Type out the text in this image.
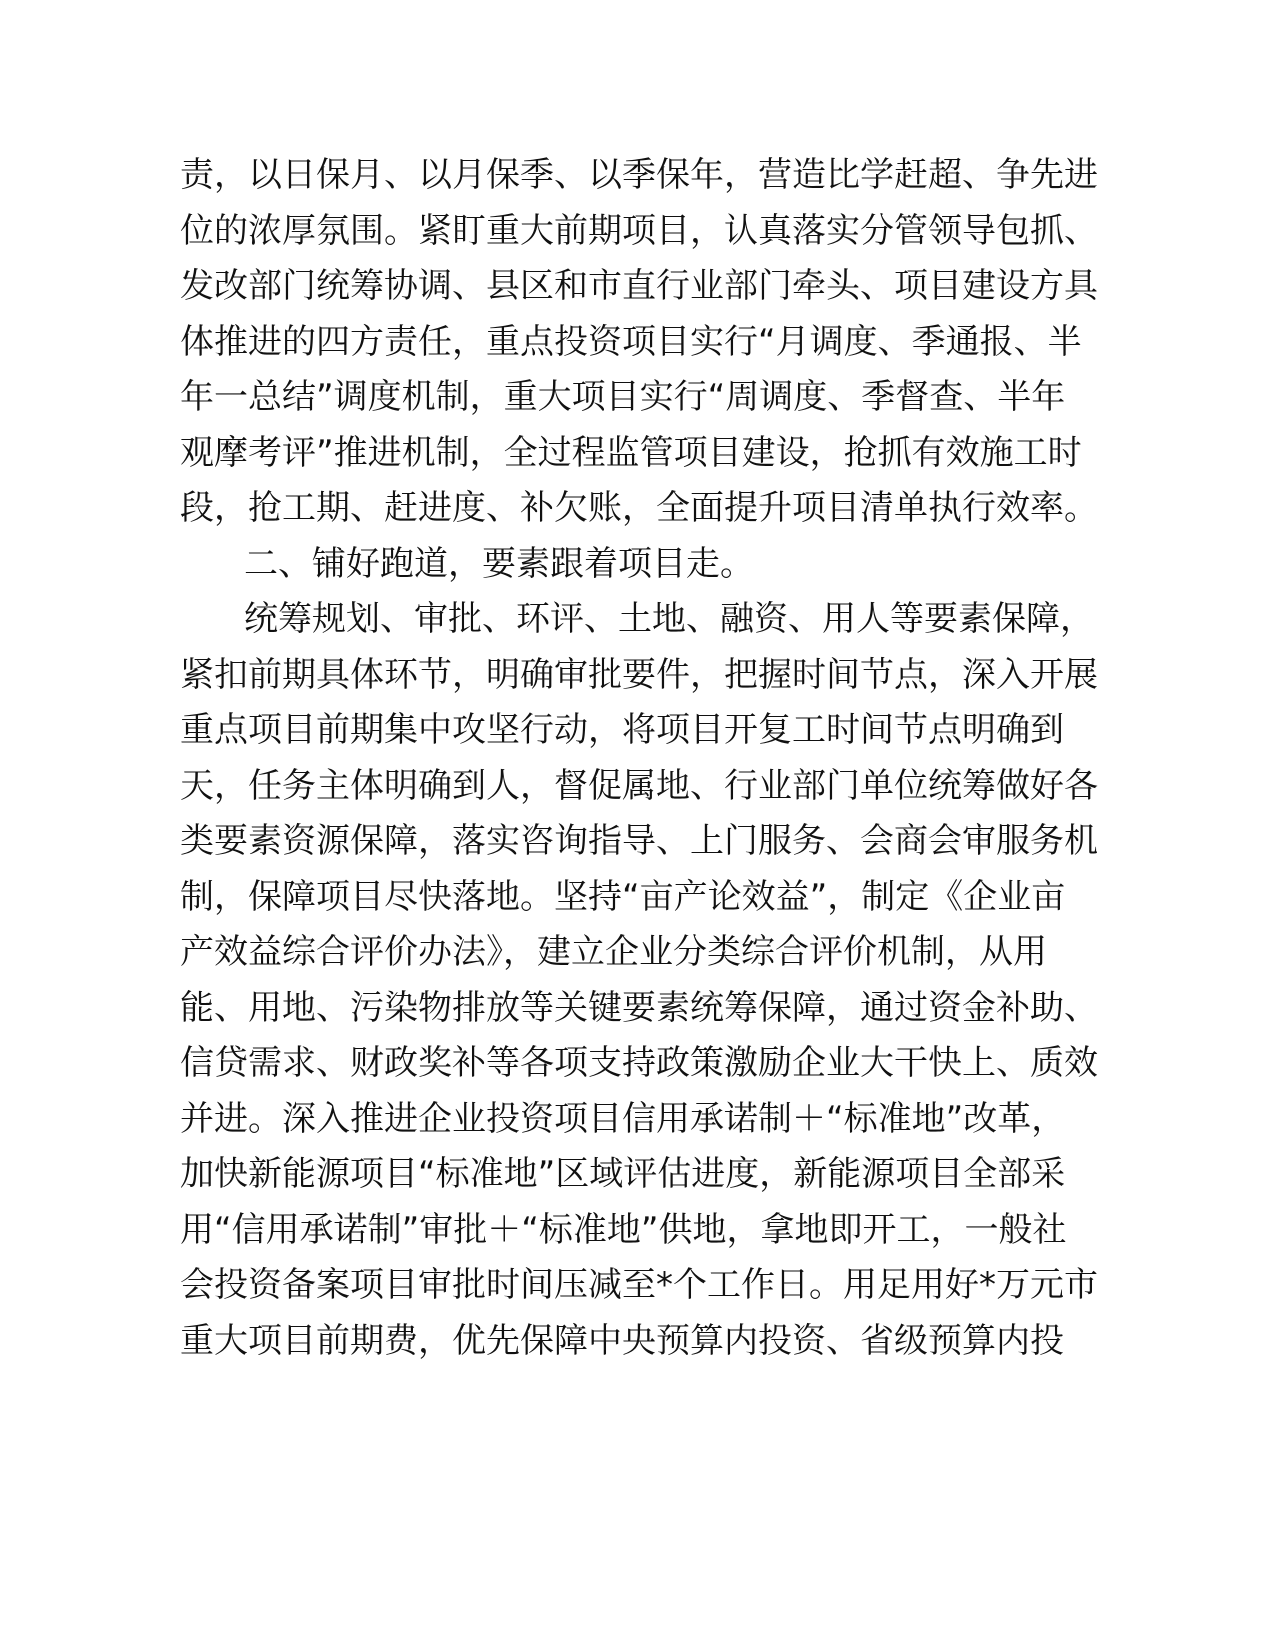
责，以日保月、以月保季、以季保年，营造比学赶超、争先进
位的浓厚氛围。紧盯重大前期项目，认真落实分管领导包抓、
发改部门统筹协调、县区和市直行业部门牵头、项目建设方具
体推进的四方责任，重点投资项目实行“月调度、季通报、半
年一总结”调度机制，重大项目实行“周调度、季督查、半年
观摩考评”推进机制，全过程监管项目建设，抢抓有效施工时
段，抢工期、赶进度、补欠账，全面提升项目清单执行效率。
二、铺好跑道，要素跟着项目走。
统筹规划、审批、环评、土地、融资、用人等要素保障，
紧扣前期具体环节，明确审批要件，把握时间节点，深入开展
重点项目前期集中攻坚行动，将项目开复工时间节点明确到
天，任务主体明确到人，督促属地、行业部门单位统筹做好各
类要素资源保障，落实咨询指导、上门服务、会商会审服务机
制，保障项目尽快落地。坚持“亩产论效益”，制定《企业亩
产效益综合评价办法》，建立企业分类综合评价机制，从用
能、用地、污染物排放等关键要素统筹保障，通过资金补助、
信贷需求、财政奖补等各项支持政策激励企业大干快上、质效
并进。深入推进企业投资项目信用承诺制＋“标准地”改革，
加快新能源项目“标准地”区域评估进度，新能源项目全部采
用“信用承诺制”审批＋“标准地”供地，拿地即开工，一般社
会投资备案项目审批时间压减至*个工作日。用足用好*万元市
重大项目前期费，优先保障中央预算内投资、省级预算内投
